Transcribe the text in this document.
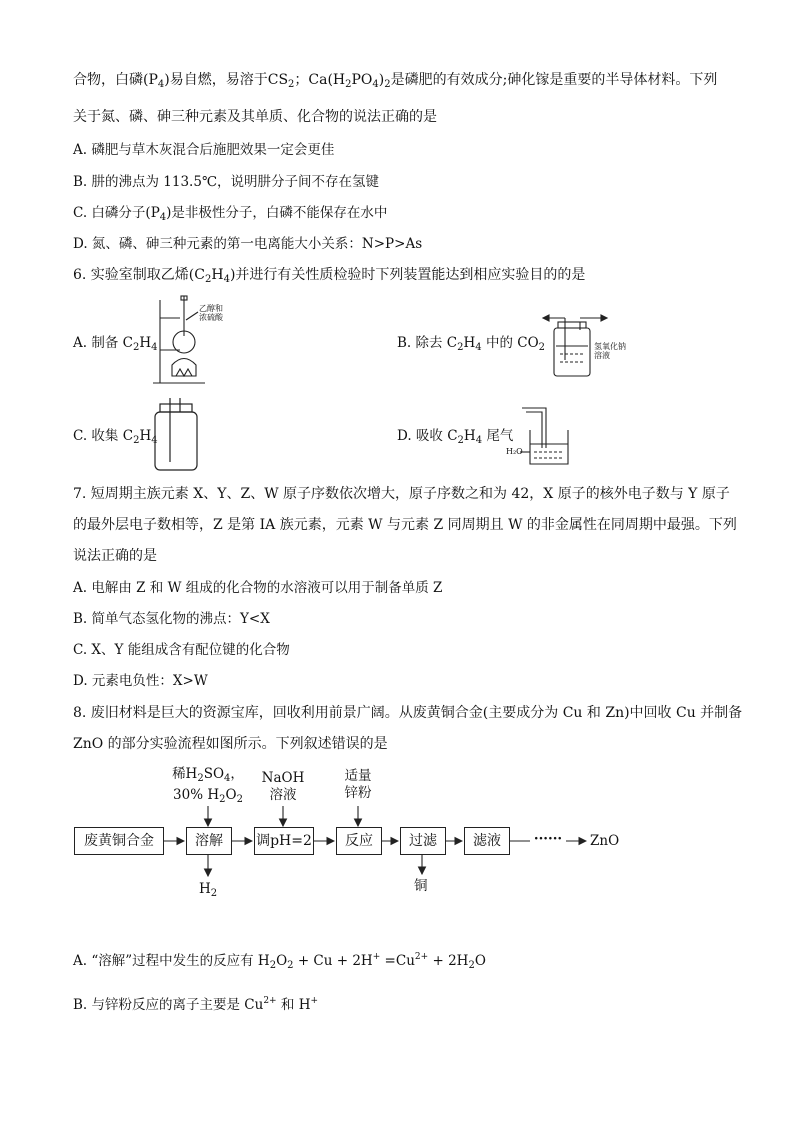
合物，白磷$(P_4)$易自燃，易溶于$CS_2$；$Ca(H_2PO_4)_2$是磷肥的有效成分;砷化镓是重要的半导体材料。下列
关于氮、磷、砷三种元素及其单质、化合物的说法正确的是
A. 磷肥与草木灰混合后施肥效果一定会更佳
B. 肼的沸点为 113.5℃，说明肼分子间不存在氢键
C. 白磷分子$(P_4)$是非极性分子，白磷不能保存在水中
D. 氮、磷、砷三种元素的第一电离能大小关系：N>P>As
6. 实验室制取乙烯$(C_2H_4)$并进行有关性质检验时下列装置能达到相应实验目的的是
A. 制备 $C_2H_4$	B. 除去 $C_2H_4$ 中的 $CO_2$
C. 收集 $C_2H_4$	D. 吸收 $C_2H_4$ 尾气
乙醇和
浓硫酸
氢氧化钠
溶液
H₂O
7. 短周期主族元素 X、Y、Z、W 原子序数依次增大，原子序数之和为 42，X 原子的核外电子数与 Y 原子
的最外层电子数相等，Z 是第 IA 族元素，元素 W 与元素 Z 同周期且 W 的非金属性在同周期中最强。下列
说法正确的是
A. 电解由 Z 和 W 组成的化合物的水溶液可以用于制备单质 Z
B. 简单气态氢化物的沸点：Y<X
C. X、Y 能组成含有配位键的化合物
D. 元素电负性：X>W
8. 废旧材料是巨大的资源宝库，回收利用前景广阔。从废黄铜合金(主要成分为 Cu 和 Zn)中回收 Cu 并制备
ZnO 的部分实验流程如图所示。下列叙述错误的是
稀$H_2SO_4$，
30% $H_2O_2$
NaOH
溶液
适量
锌粉
废黄铜合金	溶解	调pH=2	反应	过滤	滤液	······ ZnO
$H_2$	铜
A. “溶解”过程中发生的反应有 $H_2O_2 + Cu + 2H^+ =Cu^{2+} + 2H_2O$
B. 与锌粉反应的离子主要是 $Cu^{2+}$ 和 H+
